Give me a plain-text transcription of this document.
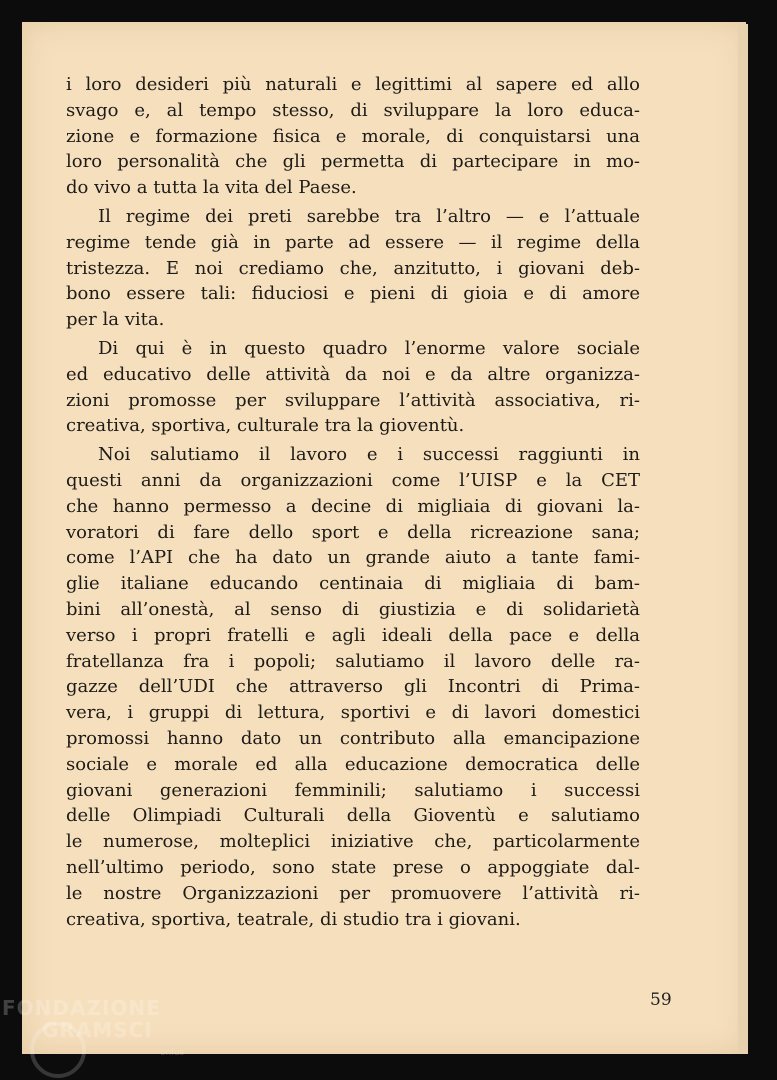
i loro desideri più naturali e legittimi al sapere ed allo
svago e, al tempo stesso, di sviluppare la loro educa-
zione e formazione fisica e morale, di conquistarsi una
loro personalità che gli permetta di partecipare in mo-
do vivo a tutta la vita del Paese.
Il regime dei preti sarebbe tra l’altro — e l’attuale
regime tende già in parte ad essere — il regime della
tristezza. E noi crediamo che, anzitutto, i giovani deb-
bono essere tali: fiduciosi e pieni di gioia e di amore
per la vita.
Di qui è in questo quadro l’enorme valore sociale
ed educativo delle attività da noi e da altre organizza-
zioni promosse per sviluppare l’attività associativa, ri-
creativa, sportiva, culturale tra la gioventù.
Noi salutiamo il lavoro e i successi raggiunti in
questi anni da organizzazioni come l’UISP e la CET
che hanno permesso a decine di migliaia di giovani la-
voratori di fare dello sport e della ricreazione sana;
come l’API che ha dato un grande aiuto a tante fami-
glie italiane educando centinaia di migliaia di bam-
bini all’onestà, al senso di giustizia e di solidarietà
verso i propri fratelli e agli ideali della pace e della
fratellanza fra i popoli; salutiamo il lavoro delle ra-
gazze dell’UDI che attraverso gli Incontri di Prima-
vera, i gruppi di lettura, sportivi e di lavori domestici
promossi hanno dato un contributo alla emancipazione
sociale e morale ed alla educazione democratica delle
giovani generazioni femminili; salutiamo i successi
delle Olimpiadi Culturali della Gioventù e salutiamo
le numerose, molteplici iniziative che, particolarmente
nell’ultimo periodo, sono state prese o appoggiate dal-
le nostre Organizzazioni per promuovere l’attività ri-
creativa, sportiva, teatrale, di studio tra i giovani.
59
FONDAZIONE
GRAMSCI
onlus
